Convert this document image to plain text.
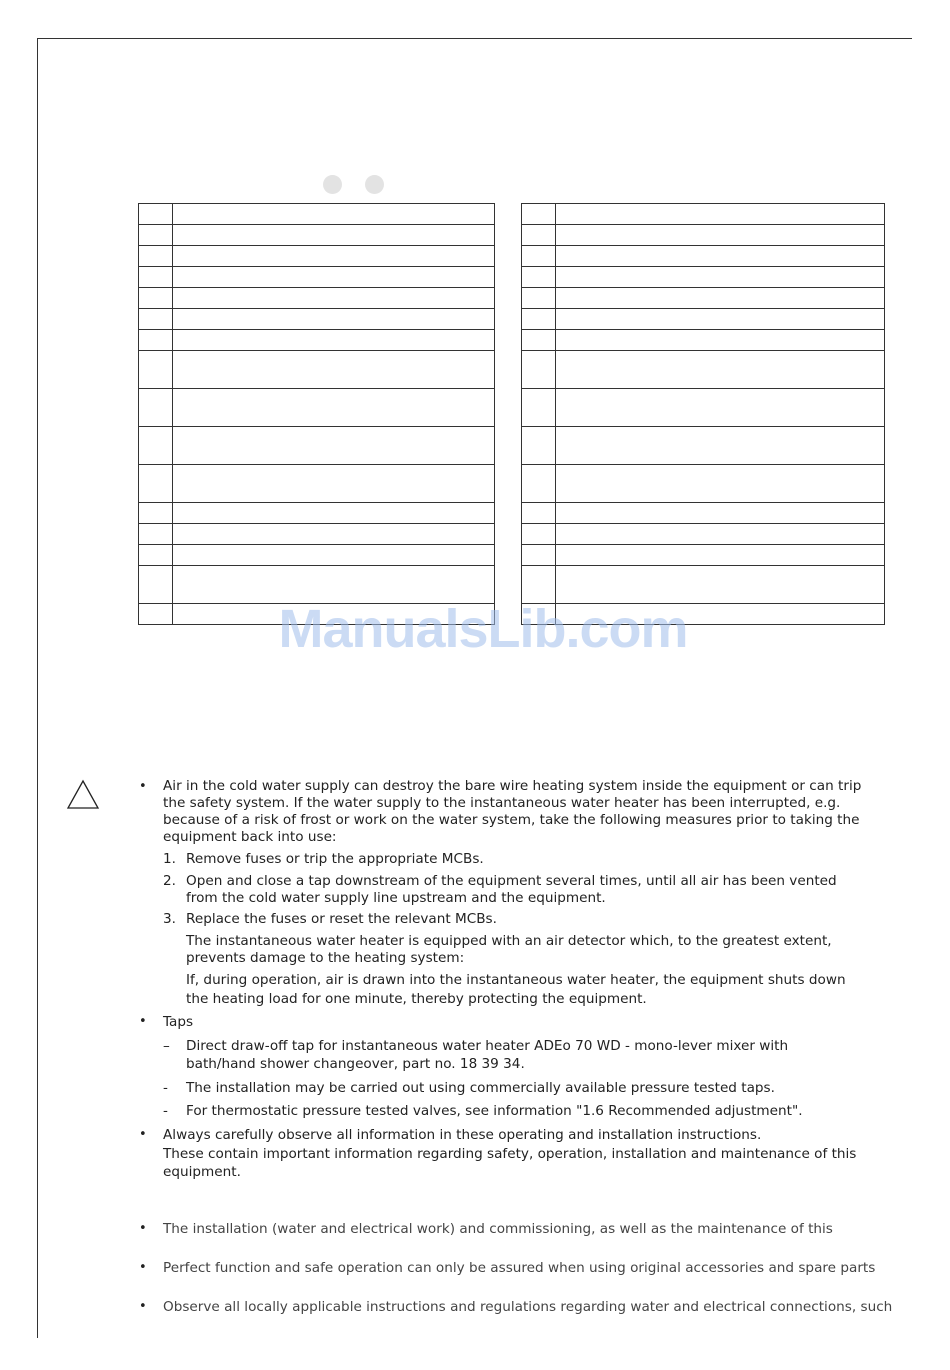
ManualsLib.com
• Air in the cold water supply can destroy the bare wire heating system inside the equipment or can trip
the safety system. If the water supply to the instantaneous water heater has been interrupted, e.g.
because of a risk of frost or work on the water system, take the following measures prior to taking the
equipment back into use:
1. Remove fuses or trip the appropriate MCBs.
2. Open and close a tap downstream of the equipment several times, until all air has been vented
from the cold water supply line upstream and the equipment.
3. Replace the fuses or reset the relevant MCBs.
The instantaneous water heater is equipped with an air detector which, to the greatest extent,
prevents damage to the heating system:
If, during operation, air is drawn into the instantaneous water heater, the equipment shuts down
the heating load for one minute, thereby protecting the equipment.
• Taps
– Direct draw-off tap for instantaneous water heater ADEo 70 WD - mono-lever mixer with
bath/hand shower changeover, part no. 18 39 34.
- The installation may be carried out using commercially available pressure tested taps.
- For thermostatic pressure tested valves, see information "1.6 Recommended adjustment".
• Always carefully observe all information in these operating and installation instructions.
These contain important information regarding safety, operation, installation and maintenance of this
equipment.
• The installation (water and electrical work) and commissioning, as well as the maintenance of this
• Perfect function and safe operation can only be assured when using original accessories and spare parts
• Observe all locally applicable instructions and regulations regarding water and electrical connections, such
